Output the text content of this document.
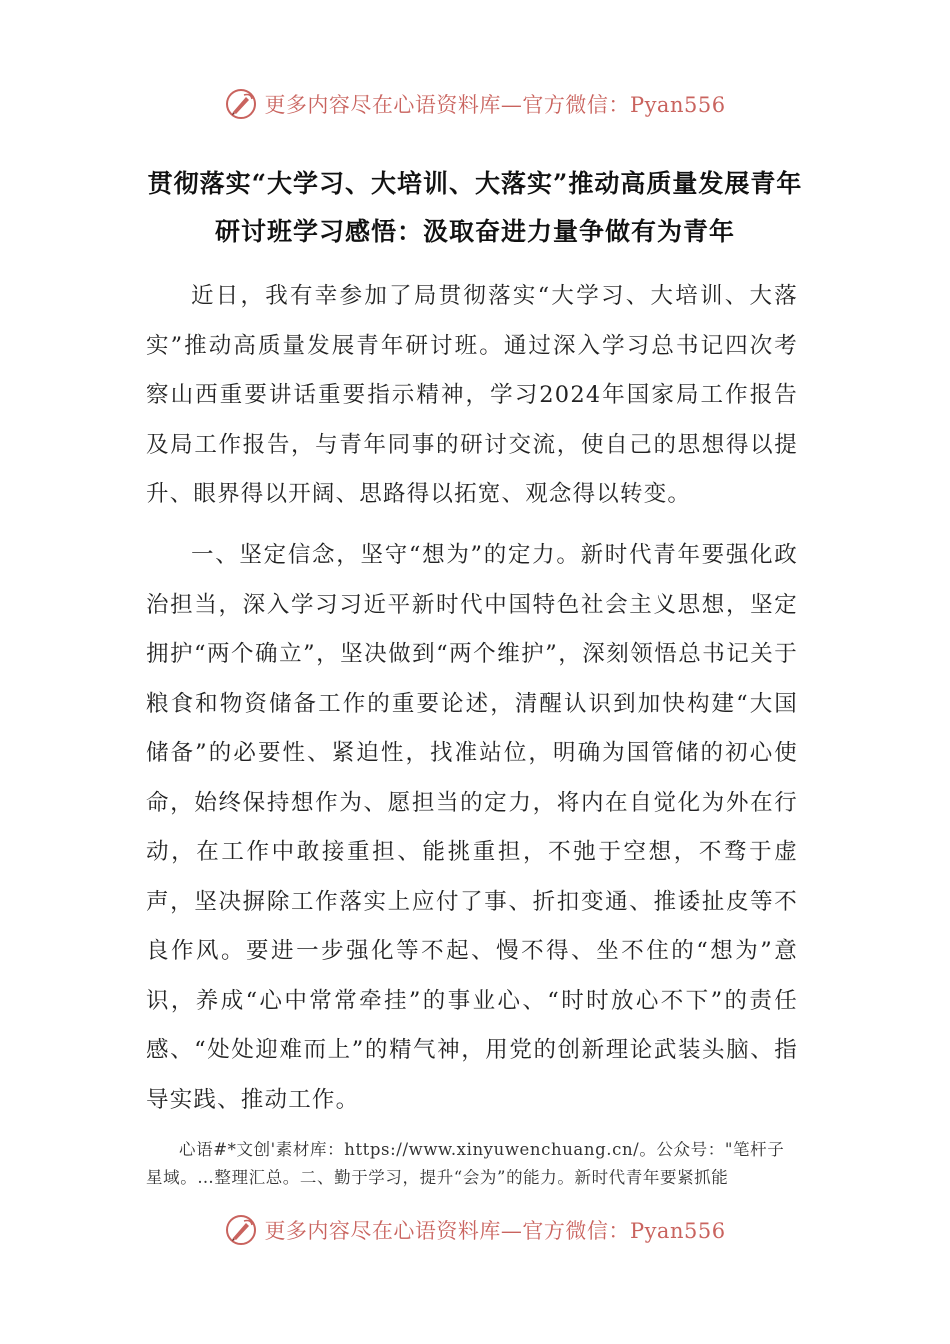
更多内容尽在心语资料库—官方微信：Pyan556
贯彻落实“大学习、大培训、大落实”推动高质量发展青年
研讨班学习感悟：汲取奋进力量争做有为青年

近日，我有幸参加了局贯彻落实“大学习、大培训、大落实”推动高质量发展青年研讨班。通过深入学习总书记四次考察山西重要讲话重要指示精神，学习2024年国家局工作报告及局工作报告，与青年同事的研讨交流，使自己的思想得以提升、眼界得以开阔、思路得以拓宽、观念得以转变。

一、坚定信念，坚守“想为”的定力。新时代青年要强化政治担当，深入学习习近平新时代中国特色社会主义思想，坚定拥护“两个确立”，坚决做到“两个维护”，深刻领悟总书记关于粮食和物资储备工作的重要论述，清醒认识到加快构建“大国储备”的必要性、紧迫性，找准站位，明确为国管储的初心使命，始终保持想作为、愿担当的定力，将内在自觉化为外在行动，在工作中敢接重担、能挑重担，不弛于空想，不骛于虚声，坚决摒除工作落实上应付了事、折扣变通、推诿扯皮等不良作风。要进一步强化等不起、慢不得、坐不住的“想为”意识，养成“心中常常牵挂”的事业心、“时时放心不下”的责任感、“处处迎难而上”的精气神，用党的创新理论武装头脑、指导实践、推动工作。

心语#*文创'素材库：https://www.xinyuwenchuang.cn/。公众号："笔杆子星域。…整理汇总。二、勤于学习，提升“会为”的能力。新时代青年要紧抓能
更多内容尽在心语资料库—官方微信：Pyan556
